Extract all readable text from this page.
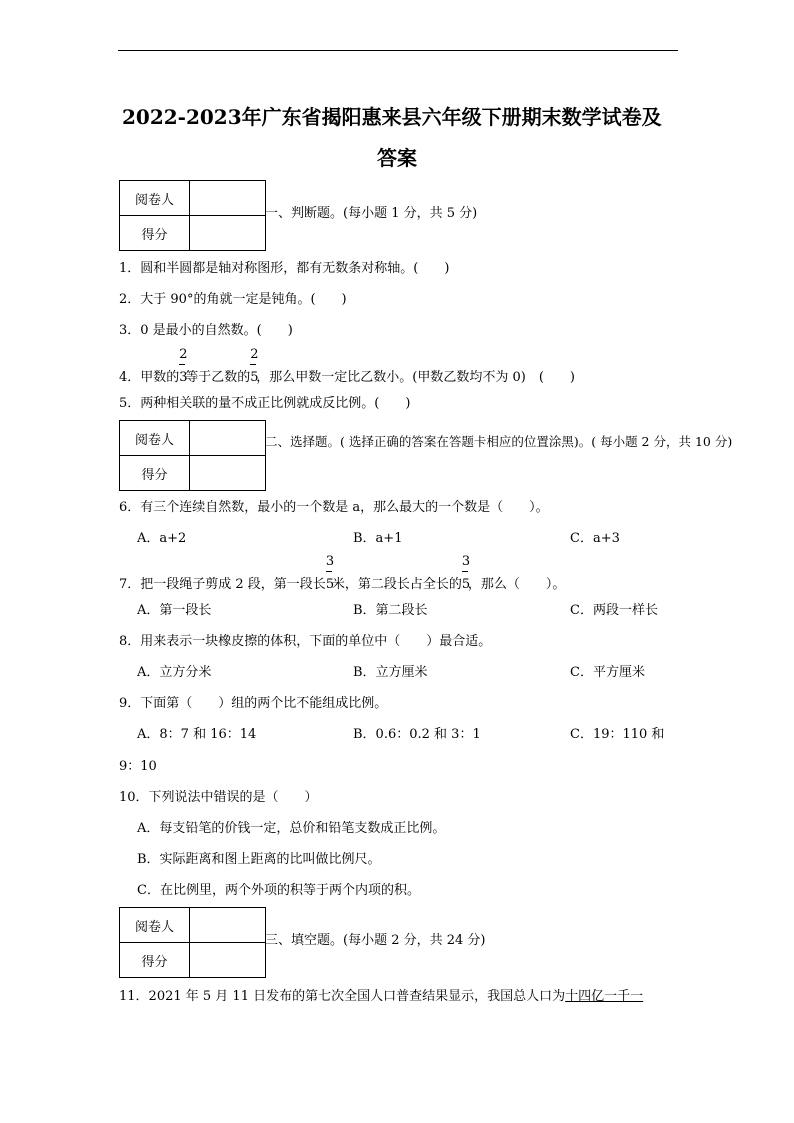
2022-2023年广东省揭阳惠来县六年级下册期末数学试卷及
答案
阅卷人	
得分	
一、判断题。(每小题 1 分，共 5 分)
1．圆和半圆都是轴对称图形，都有无数条对称轴。(　　)
2．大于 90°的角就一定是钝角。(　　)
3．0 是最小的自然数。(　　)
4．甲数的 $\frac{2}{3}$等于乙数的 $\frac{2}{5}$，那么甲数一定比乙数小。(甲数乙数均不为 0)　(　　)
5．两种相关联的量不成正比例就成反比例。(　　)
阅卷人	
得分	
二、选择题。( 选择正确的答案在答题卡相应的位置涂黑)。( 每小题 2 分，共 10 分)
6．有三个连续自然数，最小的一个数是 a，那么最大的一个数是（　　）。
A．a+2	B．a+1	C．a+3
7．把一段绳子剪成 2 段，第一段长 $\frac{3}{5}$米，第二段长占全长的 $\frac{3}{5}$，那么（　　）。
A．第一段长	B．第二段长	C．两段一样长
8．用来表示一块橡皮擦的体积，下面的单位中（　　）最合适。
A．立方分米	B．立方厘米	C．平方厘米
9．下面第（　　）组的两个比不能组成比例。
A．8：7 和 16：14	B．0.6：0.2 和 3：1	C．19：110 和
9：10
10．下列说法中错误的是（　　）
A．每支铅笔的价钱一定，总价和铅笔支数成正比例。
B．实际距离和图上距离的比叫做比例尺。
C．在比例里，两个外项的积等于两个内项的积。
阅卷人	
得分	
三、填空题。(每小题 2 分，共 24 分)
11．2021 年 5 月 11 日发布的第七次全国人口普查结果显示，我国总人口为十四亿一千一
